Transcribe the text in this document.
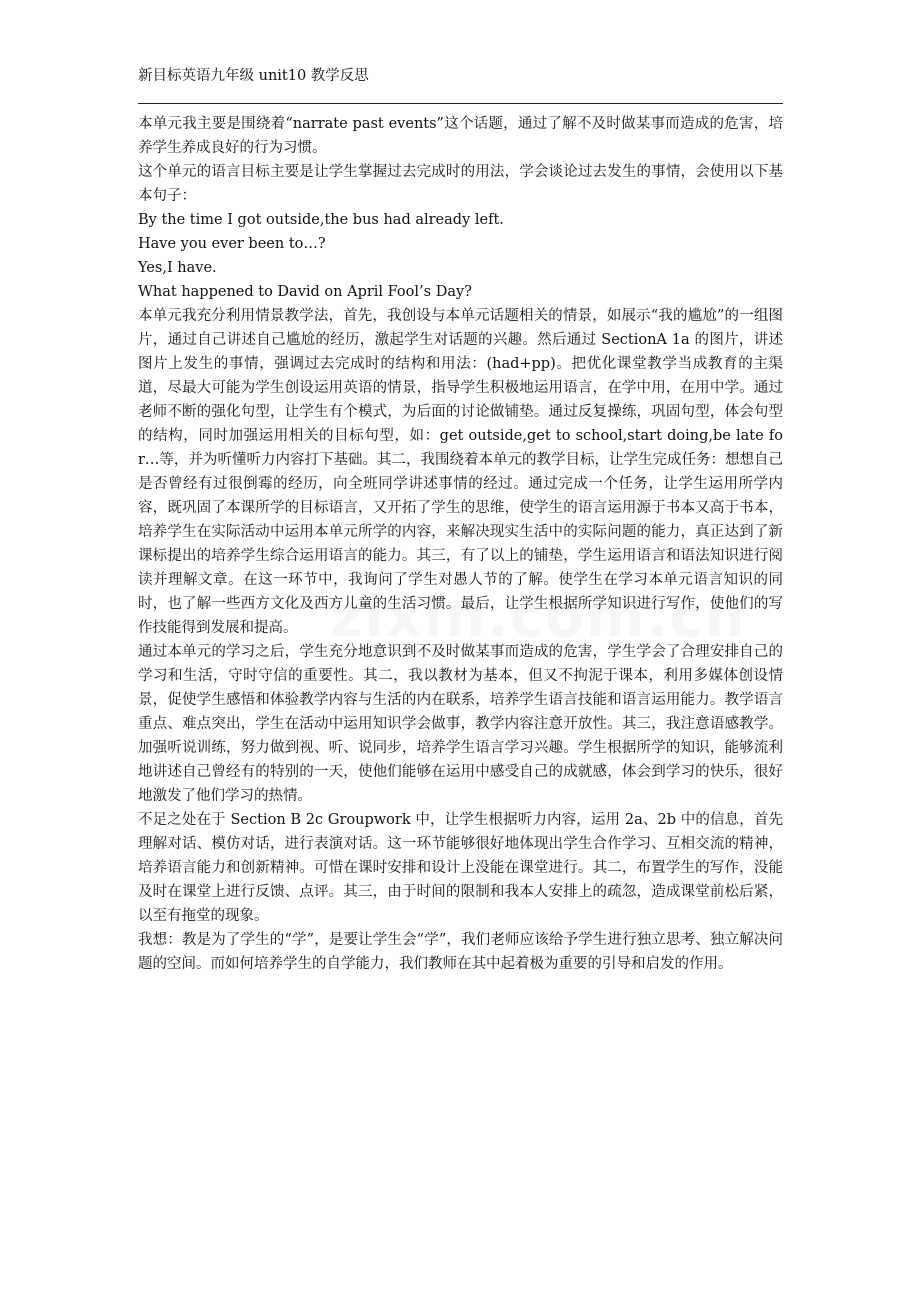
新目标英语九年级 unit10 教学反思

本单元我主要是围绕着“narrate past events”这个话题，通过了解不及时做某事而造成的危害，培养学生养成良好的行为习惯。

这个单元的语言目标主要是让学生掌握过去完成时的用法，学会谈论过去发生的事情，会使用以下基本句子：

By the time I got outside,the bus had already left.

Have you ever been to…?

Yes,I have.

What happened to David on April Fool’s Day?

本单元我充分利用情景教学法，首先，我创设与本单元话题相关的情景，如展示“我的尴尬”的一组图片，通过自己讲述自己尴尬的经历，激起学生对话题的兴趣。然后通过 SectionA 1a 的图片，讲述图片上发生的事情，强调过去完成时的结构和用法：(had+pp)。把优化课堂教学当成教育的主渠道，尽最大可能为学生创设运用英语的情景，指导学生积极地运用语言，在学中用，在用中学。通过老师不断的强化句型，让学生有个模式，为后面的讨论做铺垫。通过反复操练，巩固句型，体会句型的结构，同时加强运用相关的目标句型，如：get outside,get to school,start doing,be late for…等，并为听懂听力内容打下基础。其二，我围绕着本单元的教学目标，让学生完成任务：想想自己是否曾经有过很倒霉的经历，向全班同学讲述事情的经过。通过完成一个任务，让学生运用所学内容，既巩固了本课所学的目标语言，又开拓了学生的思维，使学生的语言运用源于书本又高于书本，培养学生在实际活动中运用本单元所学的内容，来解决现实生活中的实际问题的能力，真正达到了新课标提出的培养学生综合运用语言的能力。其三，有了以上的铺垫，学生运用语言和语法知识进行阅读并理解文章。在这一环节中，我询问了学生对愚人节的了解。使学生在学习本单元语言知识的同时，也了解一些西方文化及西方儿童的生活习惯。最后，让学生根据所学知识进行写作，使他们的写作技能得到发展和提高。

通过本单元的学习之后，学生充分地意识到不及时做某事而造成的危害，学生学会了合理安排自己的学习和生活，守时守信的重要性。其二，我以教材为基本，但又不拘泥于课本，利用多媒体创设情景，促使学生感悟和体验教学内容与生活的内在联系，培养学生语言技能和语言运用能力。教学语言重点、难点突出，学生在活动中运用知识学会做事，教学内容注意开放性。其三，我注意语感教学。加强听说训练，努力做到视、听、说同步，培养学生语言学习兴趣。学生根据所学的知识，能够流利地讲述自己曾经有的特别的一天，使他们能够在运用中感受自己的成就感，体会到学习的快乐，很好地激发了他们学习的热情。

不足之处在于 Section B 2c Groupwork 中，让学生根据听力内容，运用 2a、2b 中的信息，首先理解对话、模仿对话，进行表演对话。这一环节能够很好地体现出学生合作学习、互相交流的精神，培养语言能力和创新精神。可惜在课时安排和设计上没能在课堂进行。其二，布置学生的写作，没能及时在课堂上进行反馈、点评。其三，由于时间的限制和我本人安排上的疏忽，造成课堂前松后紧，以至有拖堂的现象。

我想：教是为了学生的“学”，是要让学生会“学”，我们老师应该给予学生进行独立思考、独立解决问题的空间。而如何培养学生的自学能力，我们教师在其中起着极为重要的引导和启发的作用。
